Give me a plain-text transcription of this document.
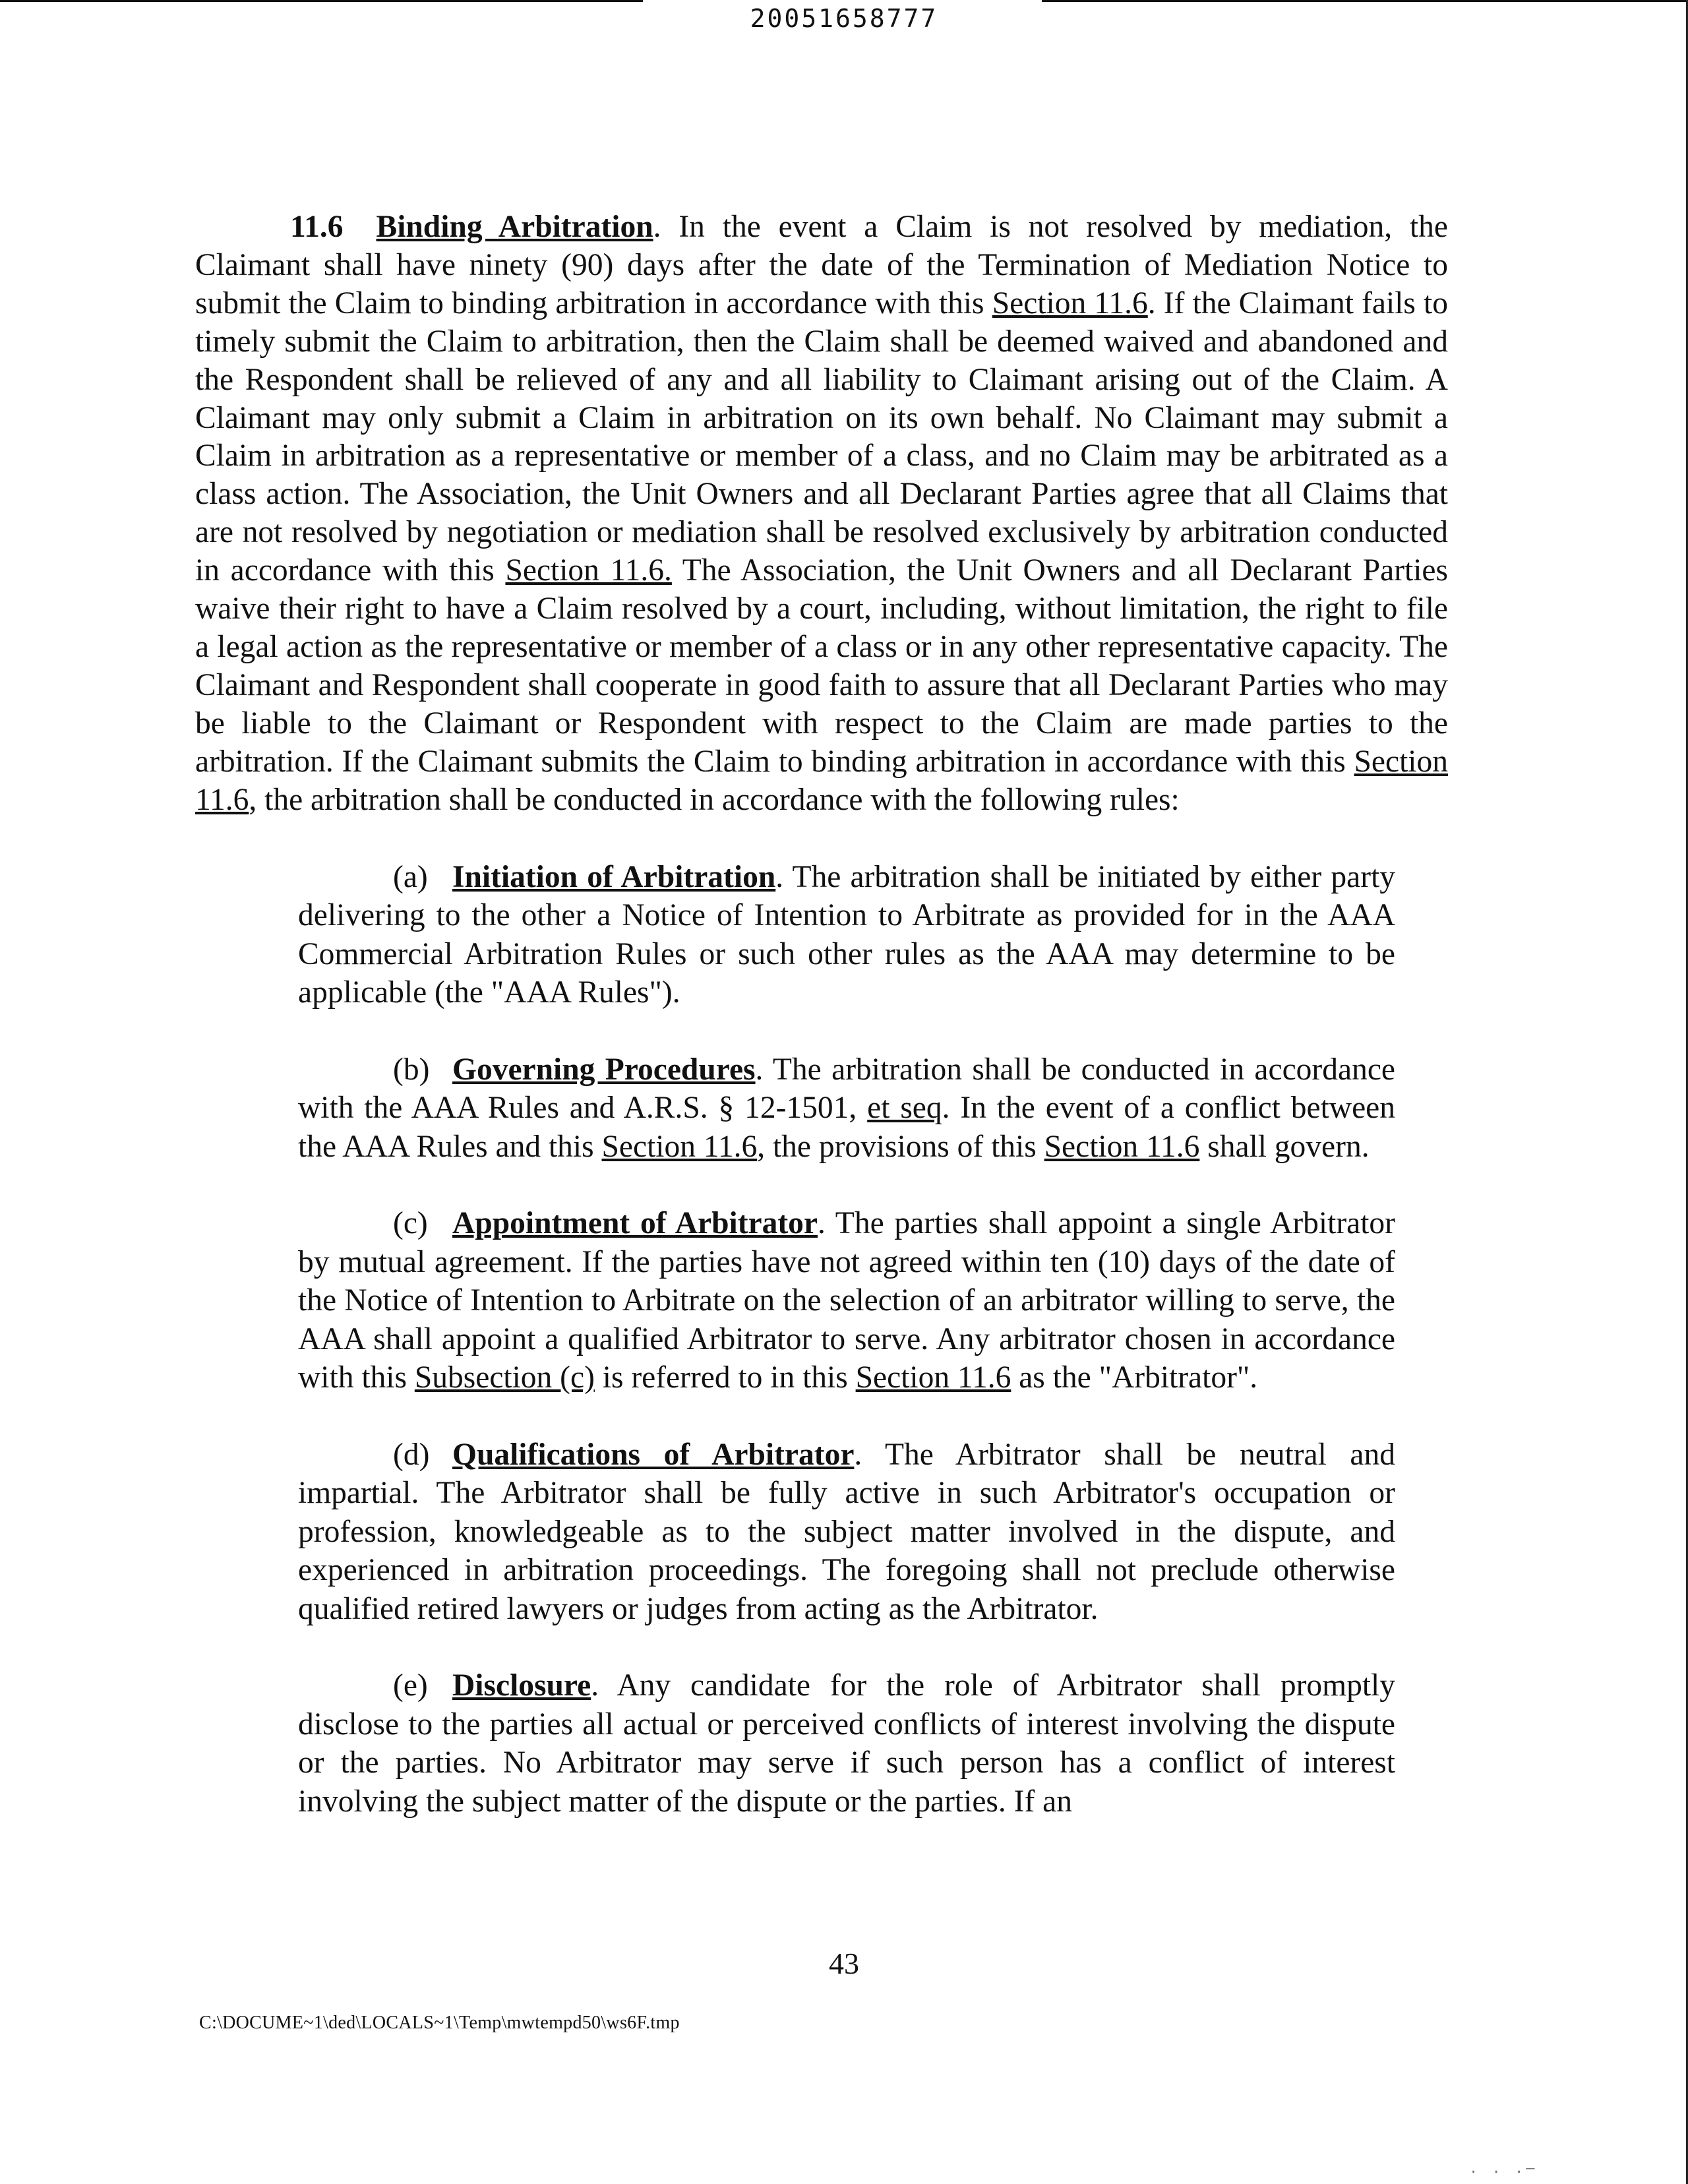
20051658777

11.6 Binding Arbitration. In the event a Claim is not resolved by mediation, the Claimant shall have ninety (90) days after the date of the Termination of Mediation Notice to submit the Claim to binding arbitration in accordance with this Section 11.6. If the Claimant fails to timely submit the Claim to arbitration, then the Claim shall be deemed waived and abandoned and the Respondent shall be relieved of any and all liability to Claimant arising out of the Claim. A Claimant may only submit a Claim in arbitration on its own behalf. No Claimant may submit a Claim in arbitration as a representative or member of a class, and no Claim may be arbitrated as a class action. The Association, the Unit Owners and all Declarant Parties agree that all Claims that are not resolved by negotiation or mediation shall be resolved exclusively by arbitration conducted in accordance with this Section 11.6. The Association, the Unit Owners and all Declarant Parties waive their right to have a Claim resolved by a court, including, without limitation, the right to file a legal action as the representative or member of a class or in any other representative capacity. The Claimant and Respondent shall cooperate in good faith to assure that all Declarant Parties who may be liable to the Claimant or Respondent with respect to the Claim are made parties to the arbitration. If the Claimant submits the Claim to binding arbitration in accordance with this Section 11.6, the arbitration shall be conducted in accordance with the following rules:

(a) Initiation of Arbitration. The arbitration shall be initiated by either party delivering to the other a Notice of Intention to Arbitrate as provided for in the AAA Commercial Arbitration Rules or such other rules as the AAA may determine to be applicable (the "AAA Rules").

(b) Governing Procedures. The arbitration shall be conducted in accordance with the AAA Rules and A.R.S. § 12-1501, et seq. In the event of a conflict between the AAA Rules and this Section 11.6, the provisions of this Section 11.6 shall govern.

(c) Appointment of Arbitrator. The parties shall appoint a single Arbitrator by mutual agreement. If the parties have not agreed within ten (10) days of the date of the Notice of Intention to Arbitrate on the selection of an arbitrator willing to serve, the AAA shall appoint a qualified Arbitrator to serve. Any arbitrator chosen in accordance with this Subsection (c) is referred to in this Section 11.6 as the "Arbitrator".

(d) Qualifications of Arbitrator. The Arbitrator shall be neutral and impartial. The Arbitrator shall be fully active in such Arbitrator's occupation or profession, knowledgeable as to the subject matter involved in the dispute, and experienced in arbitration proceedings. The foregoing shall not preclude otherwise qualified retired lawyers or judges from acting as the Arbitrator.

(e) Disclosure. Any candidate for the role of Arbitrator shall promptly disclose to the parties all actual or perceived conflicts of interest involving the dispute or the parties. No Arbitrator may serve if such person has a conflict of interest involving the subject matter of the dispute or the parties. If an

43
C:\DOCUME~1\ded\LOCALS~1\Temp\mwtempd50\ws6F.tmp
. . .—
